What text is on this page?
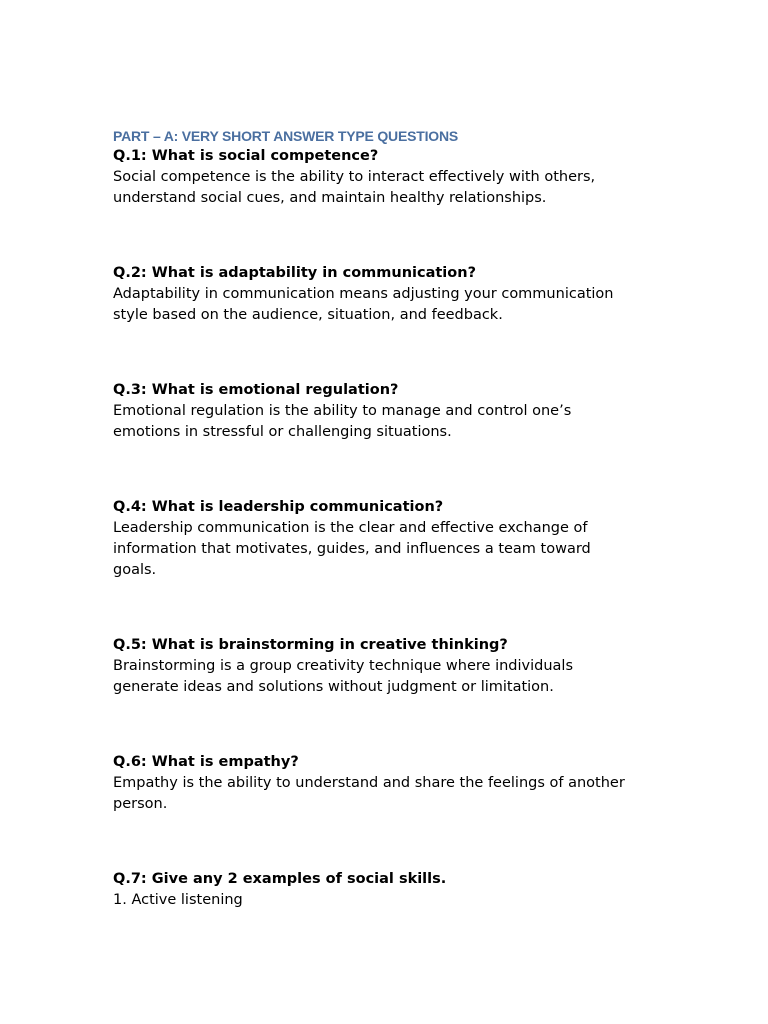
PART – A: VERY SHORT ANSWER TYPE QUESTIONS
Q.1: What is social competence?
Social competence is the ability to interact effectively with others,
understand social cues, and maintain healthy relationships.
Q.2: What is adaptability in communication?
Adaptability in communication means adjusting your communication
style based on the audience, situation, and feedback.
Q.3: What is emotional regulation?
Emotional regulation is the ability to manage and control one’s
emotions in stressful or challenging situations.
Q.4: What is leadership communication?
Leadership communication is the clear and effective exchange of
information that motivates, guides, and influences a team toward
goals.
Q.5: What is brainstorming in creative thinking?
Brainstorming is a group creativity technique where individuals
generate ideas and solutions without judgment or limitation.
Q.6: What is empathy?
Empathy is the ability to understand and share the feelings of another
person.
Q.7: Give any 2 examples of social skills.
1. Active listening
